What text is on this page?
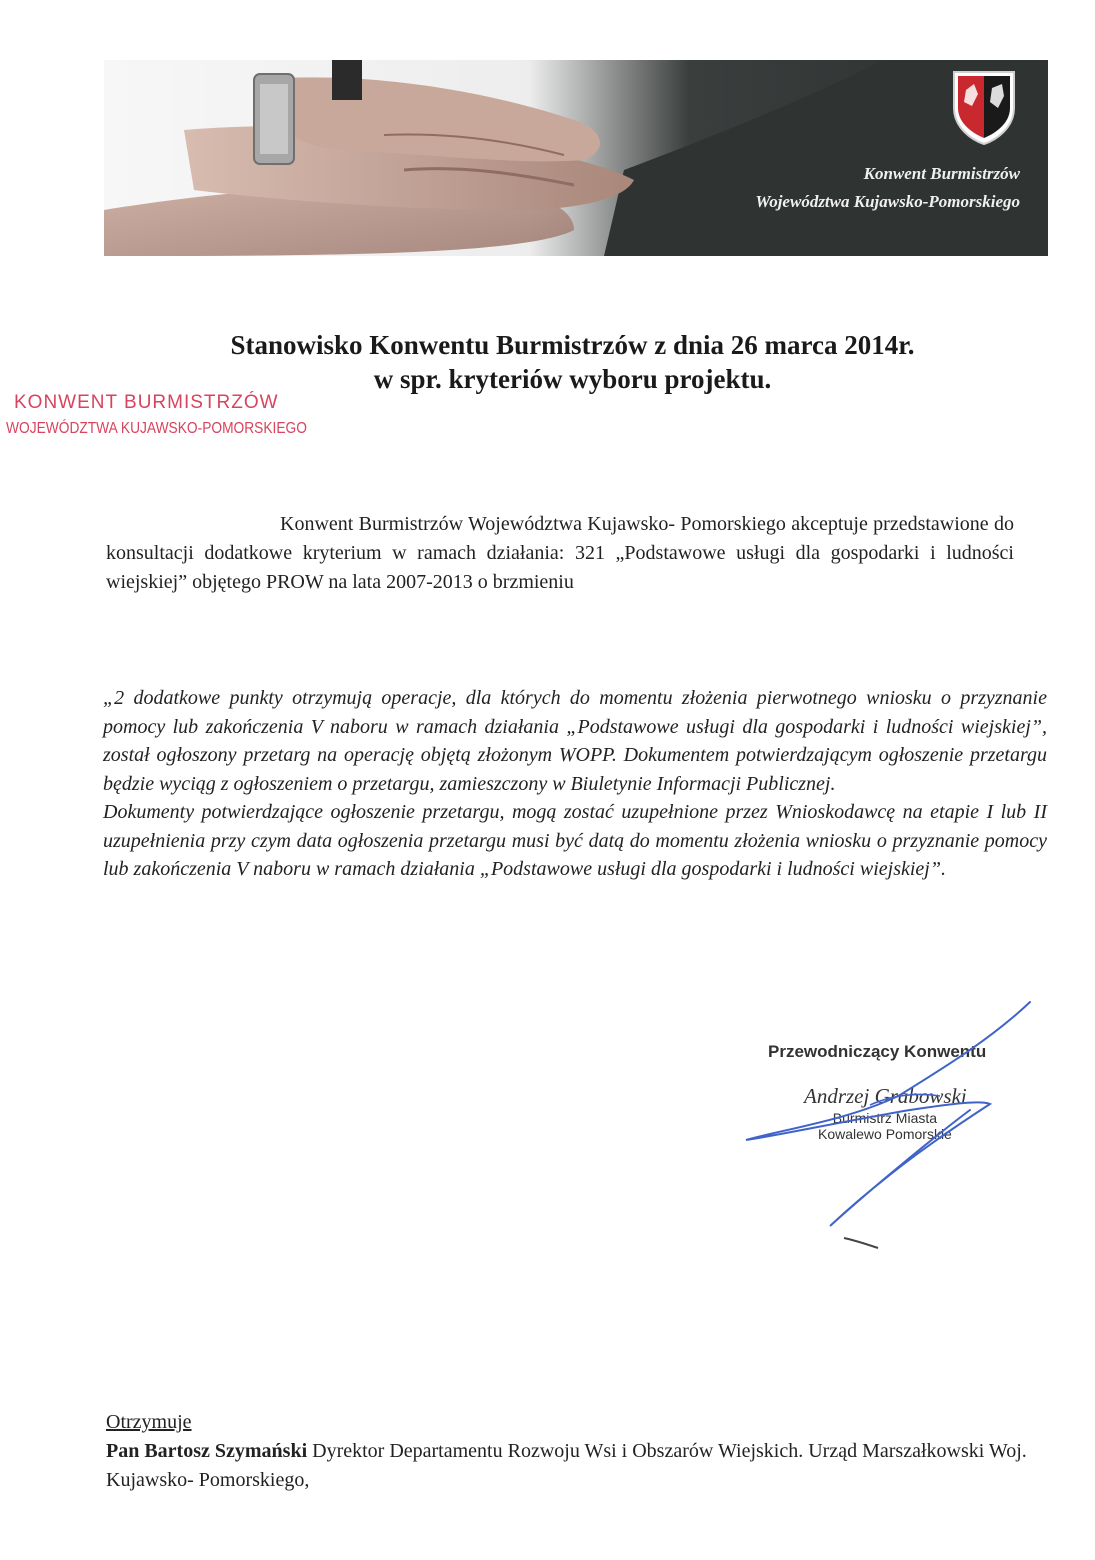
Konwent Burmistrzów
Województwa Kujawsko-Pomorskiego
Stanowisko Konwentu Burmistrzów z dnia 26 marca 2014r.
w spr. kryteriów wyboru projektu.
KONWENT BURMISTRZÓW
WOJEWÓDZTWA KUJAWSKO-POMORSKIEGO
Konwent Burmistrzów Województwa Kujawsko- Pomorskiego akceptuje przedstawione do konsultacji dodatkowe kryterium w ramach działania: 321 „Podstawowe usługi dla gospodarki i ludności wiejskiej” objętego PROW na lata 2007-2013 o brzmieniu

„2 dodatkowe punkty otrzymują operacje, dla których do momentu złożenia pierwotnego wniosku o przyznanie pomocy lub zakończenia V naboru w ramach działania „Podstawowe usługi dla gospodarki i ludności wiejskiej”, został ogłoszony przetarg na operację objętą złożonym WOPP. Dokumentem potwierdzającym ogłoszenie przetargu będzie wyciąg z ogłoszeniem o przetargu, zamieszczony w Biuletynie Informacji Publicznej.

Dokumenty potwierdzające ogłoszenie przetargu, mogą zostać uzupełnione przez Wnioskodawcę na etapie I lub II uzupełnienia przy czym data ogłoszenia przetargu musi być datą do momentu złożenia wniosku o przyznanie pomocy lub zakończenia V naboru w ramach działania „Podstawowe usługi dla gospodarki i ludności wiejskiej”.

Przewodniczący Konwentu
Andrzej Grabowski
Burmistrz Miasta
Kowalewo Pomorskie
Otrzymuje
Pan Bartosz Szymański Dyrektor Departamentu Rozwoju Wsi i Obszarów Wiejskich. Urząd Marszałkowski Woj. Kujawsko- Pomorskiego,
